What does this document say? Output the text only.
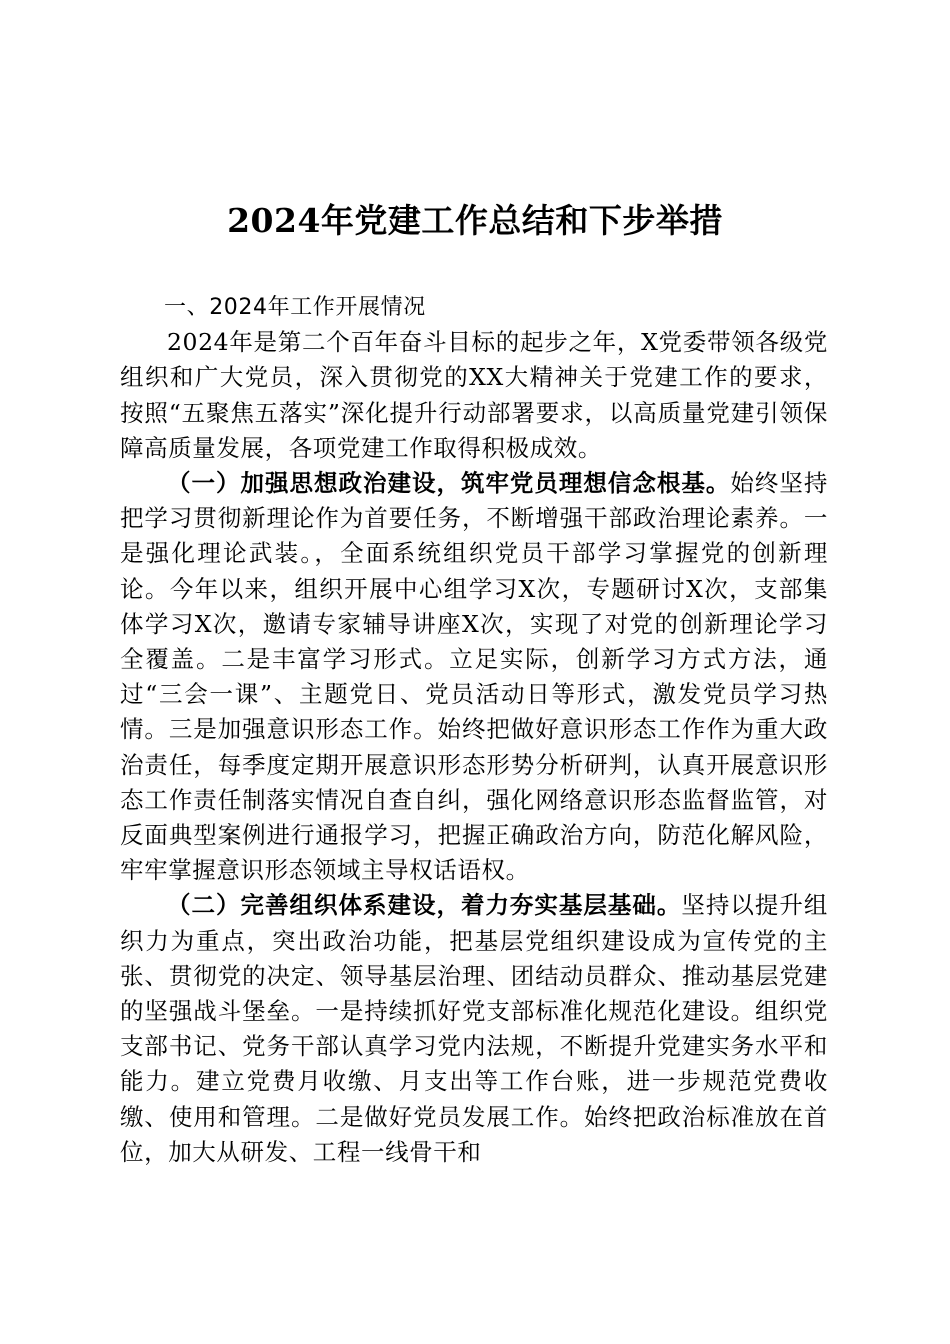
2024年党建工作总结和下步举措

一、2024年工作开展情况

2024年是第二个百年奋斗目标的起步之年，X党委带领各级党组织和广大党员，深入贯彻党的XX大精神关于党建工作的要求，按照“五聚焦五落实”深化提升行动部署要求，以高质量党建引领保障高质量发展，各项党建工作取得积极成效。

（一）加强思想政治建设，筑牢党员理想信念根基。始终坚持把学习贯彻新理论作为首要任务，不断增强干部政治理论素养。一是强化理论武装。，全面系统组织党员干部学习掌握党的创新理论。今年以来，组织开展中心组学习X次，专题研讨X次，支部集体学习X次，邀请专家辅导讲座X次，实现了对党的创新理论学习全覆盖。二是丰富学习形式。立足实际，创新学习方式方法，通过“三会一课”、主题党日、党员活动日等形式，激发党员学习热情。三是加强意识形态工作。始终把做好意识形态工作作为重大政治责任，每季度定期开展意识形态形势分析研判，认真开展意识形态工作责任制落实情况自查自纠，强化网络意识形态监督监管，对反面典型案例进行通报学习，把握正确政治方向，防范化解风险，牢牢掌握意识形态领域主导权话语权。

（二）完善组织体系建设，着力夯实基层基础。坚持以提升组织力为重点，突出政治功能，把基层党组织建设成为宣传党的主张、贯彻党的决定、领导基层治理、团结动员群众、推动基层党建的坚强战斗堡垒。一是持续抓好党支部标准化规范化建设。组织党支部书记、党务干部认真学习党内法规，不断提升党建实务水平和能力。建立党费月收缴、月支出等工作台账，进一步规范党费收缴、使用和管理。二是做好党员发展工作。始终把政治标准放在首位，加大从研发、工程一线骨干和
